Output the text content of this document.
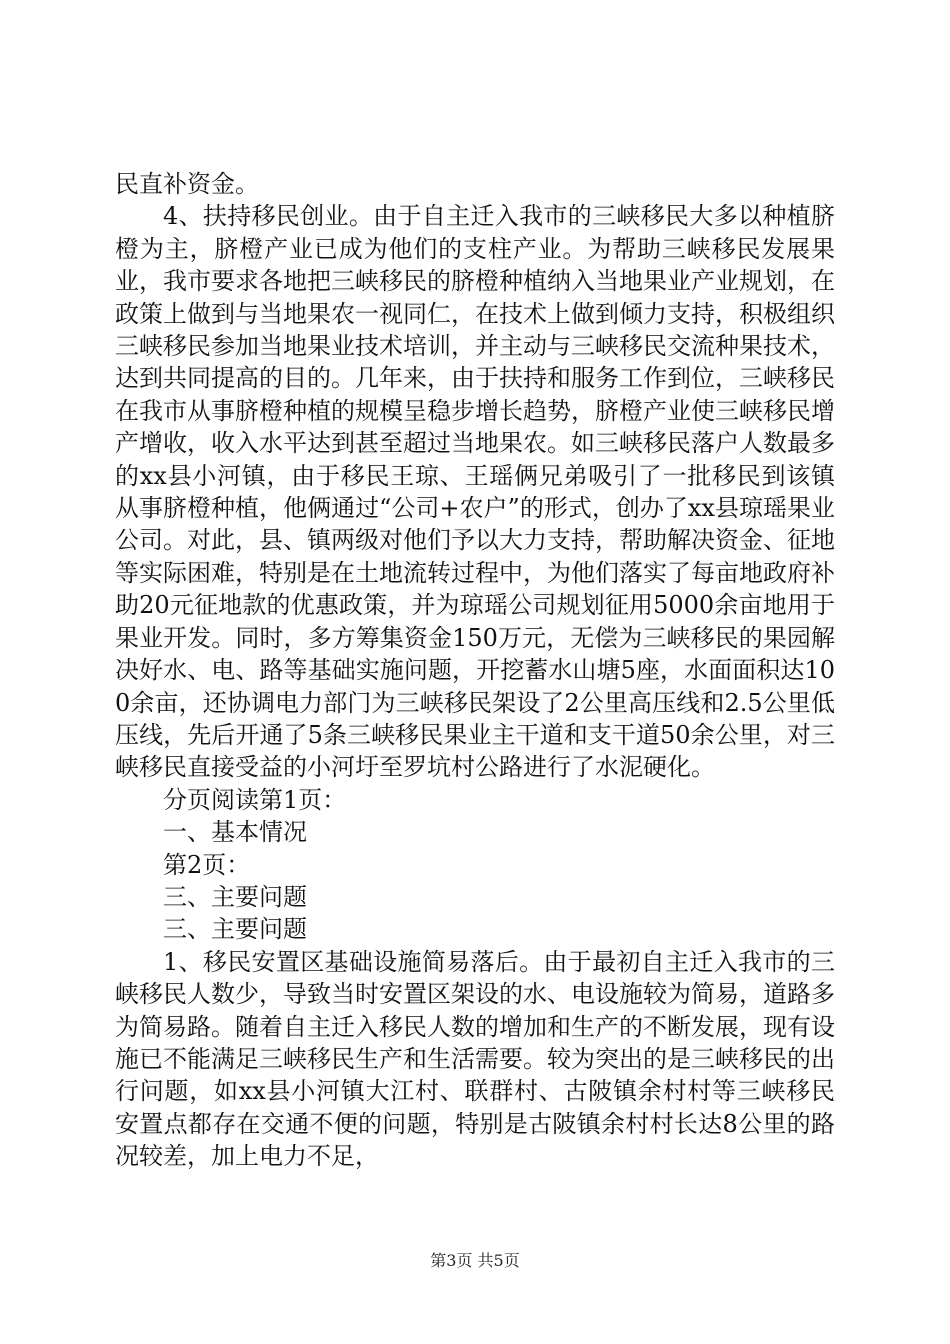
民直补资金。

4、扶持移民创业。由于自主迁入我市的三峡移民大多以种植脐橙为主，脐橙产业已成为他们的支柱产业。为帮助三峡移民发展果业，我市要求各地把三峡移民的脐橙种植纳入当地果业产业规划，在政策上做到与当地果农一视同仁，在技术上做到倾力支持，积极组织三峡移民参加当地果业技术培训，并主动与三峡移民交流种果技术，达到共同提高的目的。几年来，由于扶持和服务工作到位，三峡移民在我市从事脐橙种植的规模呈稳步增长趋势，脐橙产业使三峡移民增产增收，收入水平达到甚至超过当地果农。如三峡移民落户人数最多的xx县小河镇，由于移民王琼、王瑶俩兄弟吸引了一批移民到该镇从事脐橙种植，他俩通过“公司+农户”的形式，创办了xx县琼瑶果业公司。对此，县、镇两级对他们予以大力支持，帮助解决资金、征地等实际困难，特别是在土地流转过程中，为他们落实了每亩地政府补助20元征地款的优惠政策，并为琼瑶公司规划征用5000余亩地用于果业开发。同时，多方筹集资金150万元，无偿为三峡移民的果园解决好水、电、路等基础实施问题，开挖蓄水山塘5座，水面面积达100余亩，还协调电力部门为三峡移民架设了2公里高压线和2.5公里低压线，先后开通了5条三峡移民果业主干道和支干道50余公里，对三峡移民直接受益的小河圩至罗坑村公路进行了水泥硬化。

分页阅读第1页：

一、基本情况

第2页：

三、主要问题

三、主要问题

1、移民安置区基础设施简易落后。由于最初自主迁入我市的三峡移民人数少，导致当时安置区架设的水、电设施较为简易，道路多为简易路。随着自主迁入移民人数的增加和生产的不断发展，现有设施已不能满足三峡移民生产和生活需要。较为突出的是三峡移民的出行问题，如xx县小河镇大江村、联群村、古陂镇余村村等三峡移民安置点都存在交通不便的问题，特别是古陂镇余村村长达8公里的路况较差，加上电力不足，

第3页 共5页
